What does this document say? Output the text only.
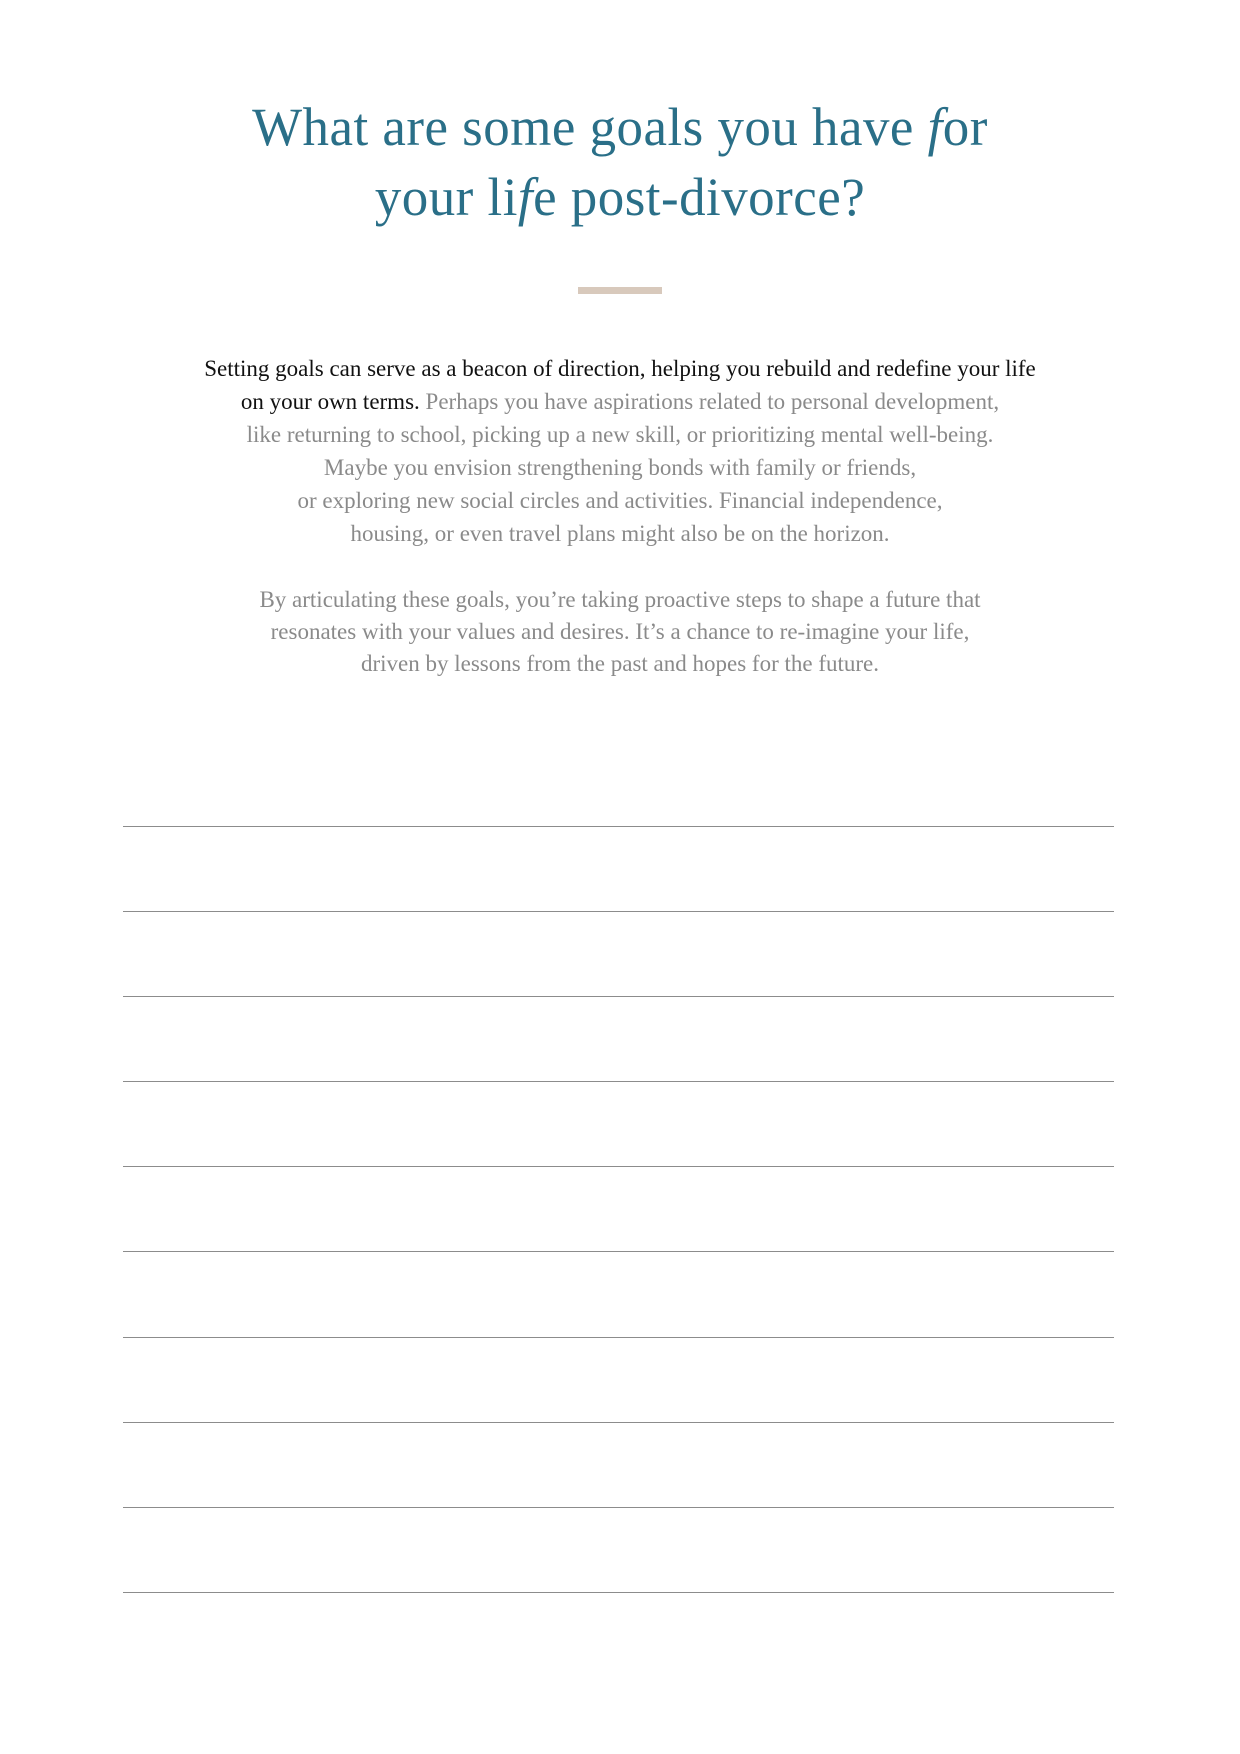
What are some goals you have for
your life post-divorce?

Setting goals can serve as a beacon of direction, helping you rebuild and redefine your life
on your own terms. Perhaps you have aspirations related to personal development,
like returning to school, picking up a new skill, or prioritizing mental well-being.
Maybe you envision strengthening bonds with family or friends,
or exploring new social circles and activities. Financial independence,
housing, or even travel plans might also be on the horizon.

By articulating these goals, you’re taking proactive steps to shape a future that
resonates with your values and desires. It’s a chance to re-imagine your life,
driven by lessons from the past and hopes for the future.
